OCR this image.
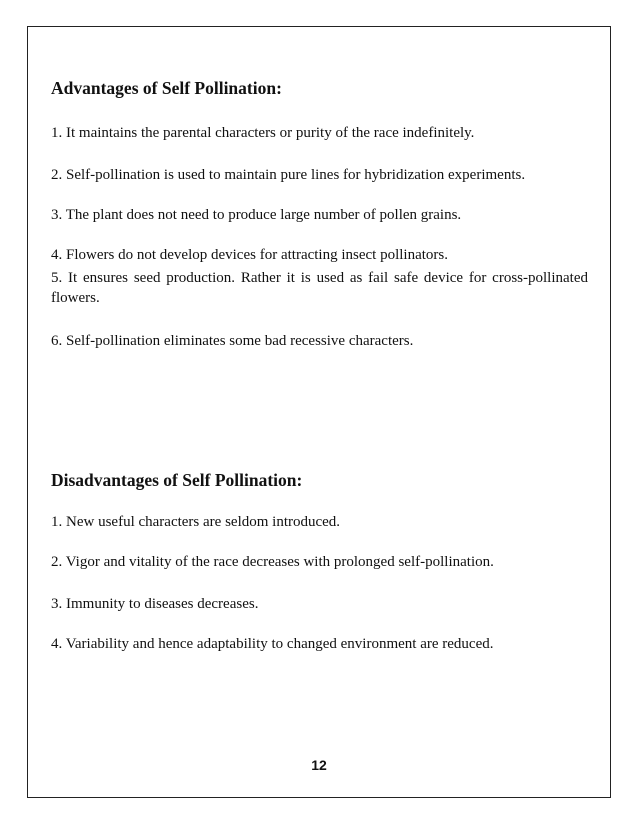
Advantages of Self Pollination:

1. It maintains the parental characters or purity of the race indefinitely.

2. Self-pollination is used to maintain pure lines for hybridization experiments.

3. The plant does not need to produce large number of pollen grains.

4. Flowers do not develop devices for attracting insect pollinators.

5. It ensures seed production. Rather it is used as fail safe device for cross-pollinated flowers.

6. Self-pollination eliminates some bad recessive characters.

Disadvantages of Self Pollination:

1. New useful characters are seldom introduced.

2. Vigor and vitality of the race decreases with prolonged self-pollination.

3. Immunity to diseases decreases.

4. Variability and hence adaptability to changed environment are reduced.

12
